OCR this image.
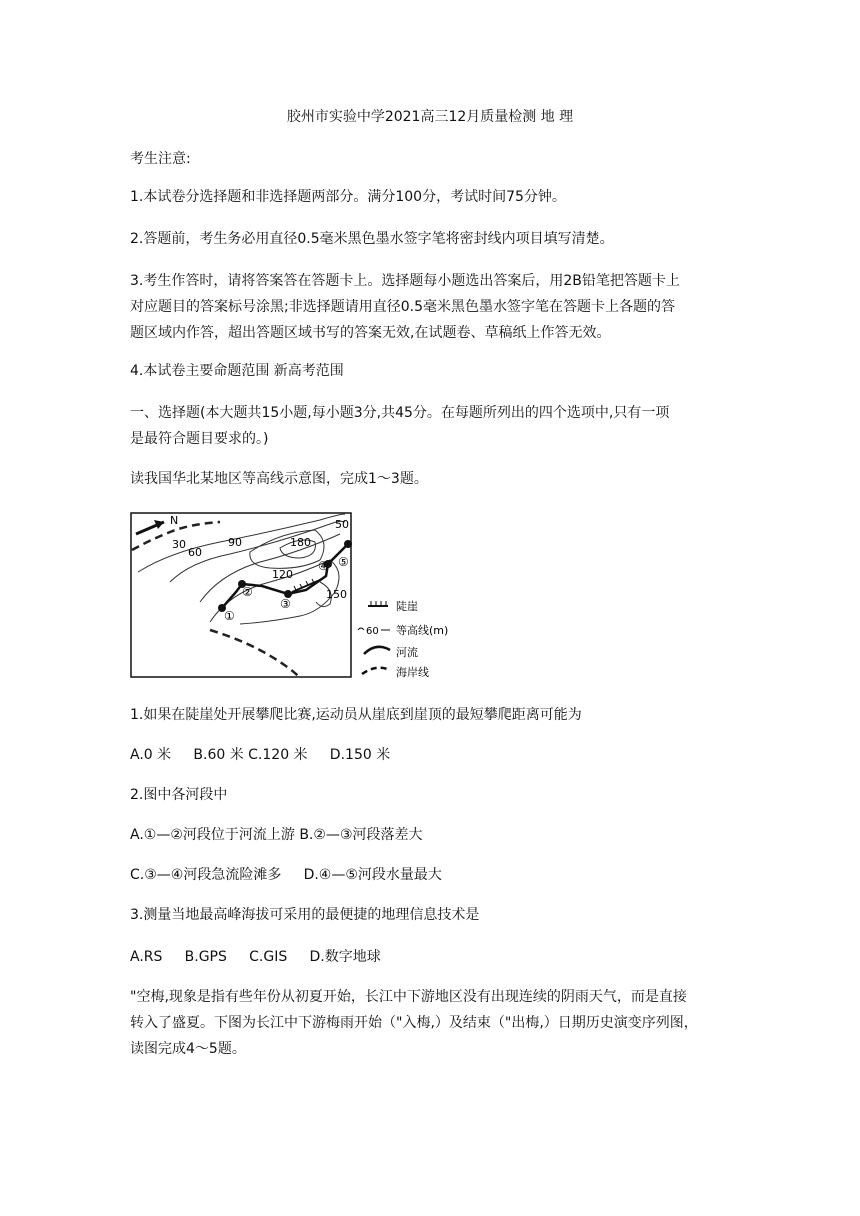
胶州市实验中学2021高三12月质量检测 地 理
考生注意:
1.本试卷分选择题和非选择题两部分。满分100分，考试时间75分钟。
2.答题前，考生务必用直径0.5毫米黑色墨水签字笔将密封线内项目填写清楚。
3.考生作答时，请将答案答在答题卡上。选择题每小题选出答案后，用2B铅笔把答题卡上
对应题目的答案标号涂黑;非选择题请用直径0.5毫米黑色墨水签字笔在答题卡上各题的答
题区域内作答，超出答题区域书写的答案无效,在试题卷、草稿纸上作答无效。
4.本试卷主要命题范围 新高考范围
一、选择题(本大题共15小题,每小题3分,共45分。在每题所列出的四个选项中,只有一项
是最符合题目要求的。)
读我国华北某地区等高线示意图，完成1～3题。
N
30
60
90	180
50
120
150
①
②
③
④ ⑤
陡崖
60 等高线(m)
河流
海岸线
1.如果在陡崖处开展攀爬比赛,运动员从崖底到崖顶的最短攀爬距离可能为
A.0 米     B.60 米 C.120 米     D.150 米
2.图中各河段中
A.①—②河段位于河流上游 B.②—③河段落差大
C.③—④河段急流险滩多     D.④—⑤河段水量最大
3.测量当地最高峰海拔可采用的最便捷的地理信息技术是
A.RS     B.GPS     C.GIS     D.数字地球
"空梅,现象是指有些年份从初夏开始，长江中下游地区没有出现连续的阴雨天气，而是直接
转入了盛夏。下图为长江中下游梅雨开始（"入梅,）及结束（"出梅,）日期历史演变序列图，
读图完成4～5题。
